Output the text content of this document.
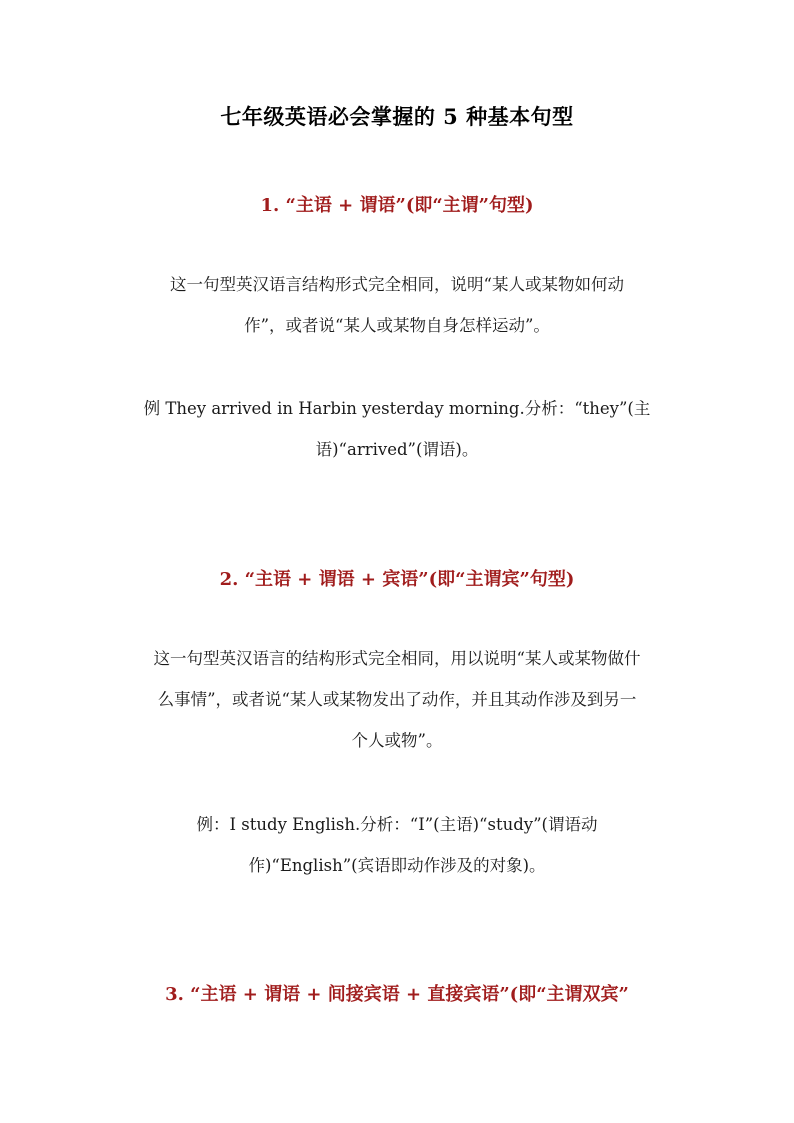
七年级英语必会掌握的 5 种基本句型
1. “主语 + 谓语”(即“主谓”句型)
这一句型英汉语言结构形式完全相同，说明“某人或某物如何动
作”，或者说“某人或某物自身怎样运动”。
例 They arrived in Harbin yesterday morning.分析：“they”(主
语)“arrived”(谓语)。
2. “主语 + 谓语 + 宾语”(即“主谓宾”句型)
这一句型英汉语言的结构形式完全相同，用以说明“某人或某物做什
么事情”，或者说“某人或某物发出了动作，并且其动作涉及到另一
个人或物”。
例：I study English.分析：“I”(主语)“study”(谓语动
作)“English”(宾语即动作涉及的对象)。
3. “主语 + 谓语 + 间接宾语 + 直接宾语”(即“主谓双宾”
